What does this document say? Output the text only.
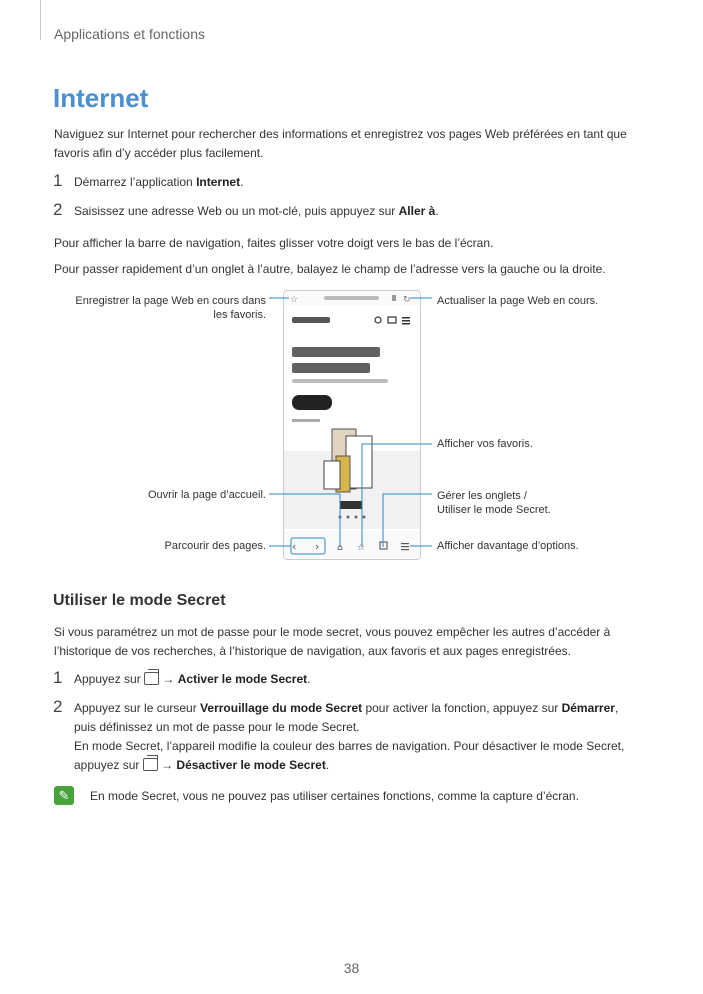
Applications et fonctions
Internet
Naviguez sur Internet pour rechercher des informations et enregistrez vos pages Web préférées en tant que favoris afin d’y accéder plus facilement.
1 Démarrez l’application Internet.
2 Saisissez une adresse Web ou un mot-clé, puis appuyez sur Aller à.
Pour afficher la barre de navigation, faites glisser votre doigt vers le bas de l’écran.
Pour passer rapidement d’un onglet à l’autre, balayez le champ de l’adresse vers la gauche ou la droite.
☆	↻
‹ › ⌂ ☆
Enregistrer la page Web en cours dans
les favoris.
Actualiser la page Web en cours.
Afficher vos favoris.
Ouvrir la page d’accueil.	Gérer les onglets /
Utiliser le mode Secret.
Parcourir des pages.	Afficher davantage d’options.
Utiliser le mode Secret
Si vous paramétrez un mot de passe pour le mode secret, vous pouvez empêcher les autres d’accéder à
l’historique de vos recherches, à l’historique de navigation, aux favoris et aux pages enregistrées.
1 Appuyez sur  → Activer le mode Secret.
2 Appuyez sur le curseur Verrouillage du mode Secret pour activer la fonction, appuyez sur Démarrer,
puis définissez un mot de passe pour le mode Secret.
En mode Secret, l’appareil modifie la couleur des barres de navigation. Pour désactiver le mode Secret,
appuyez sur  → Désactiver le mode Secret.
✎	En mode Secret, vous ne pouvez pas utiliser certaines fonctions, comme la capture d’écran.
38
